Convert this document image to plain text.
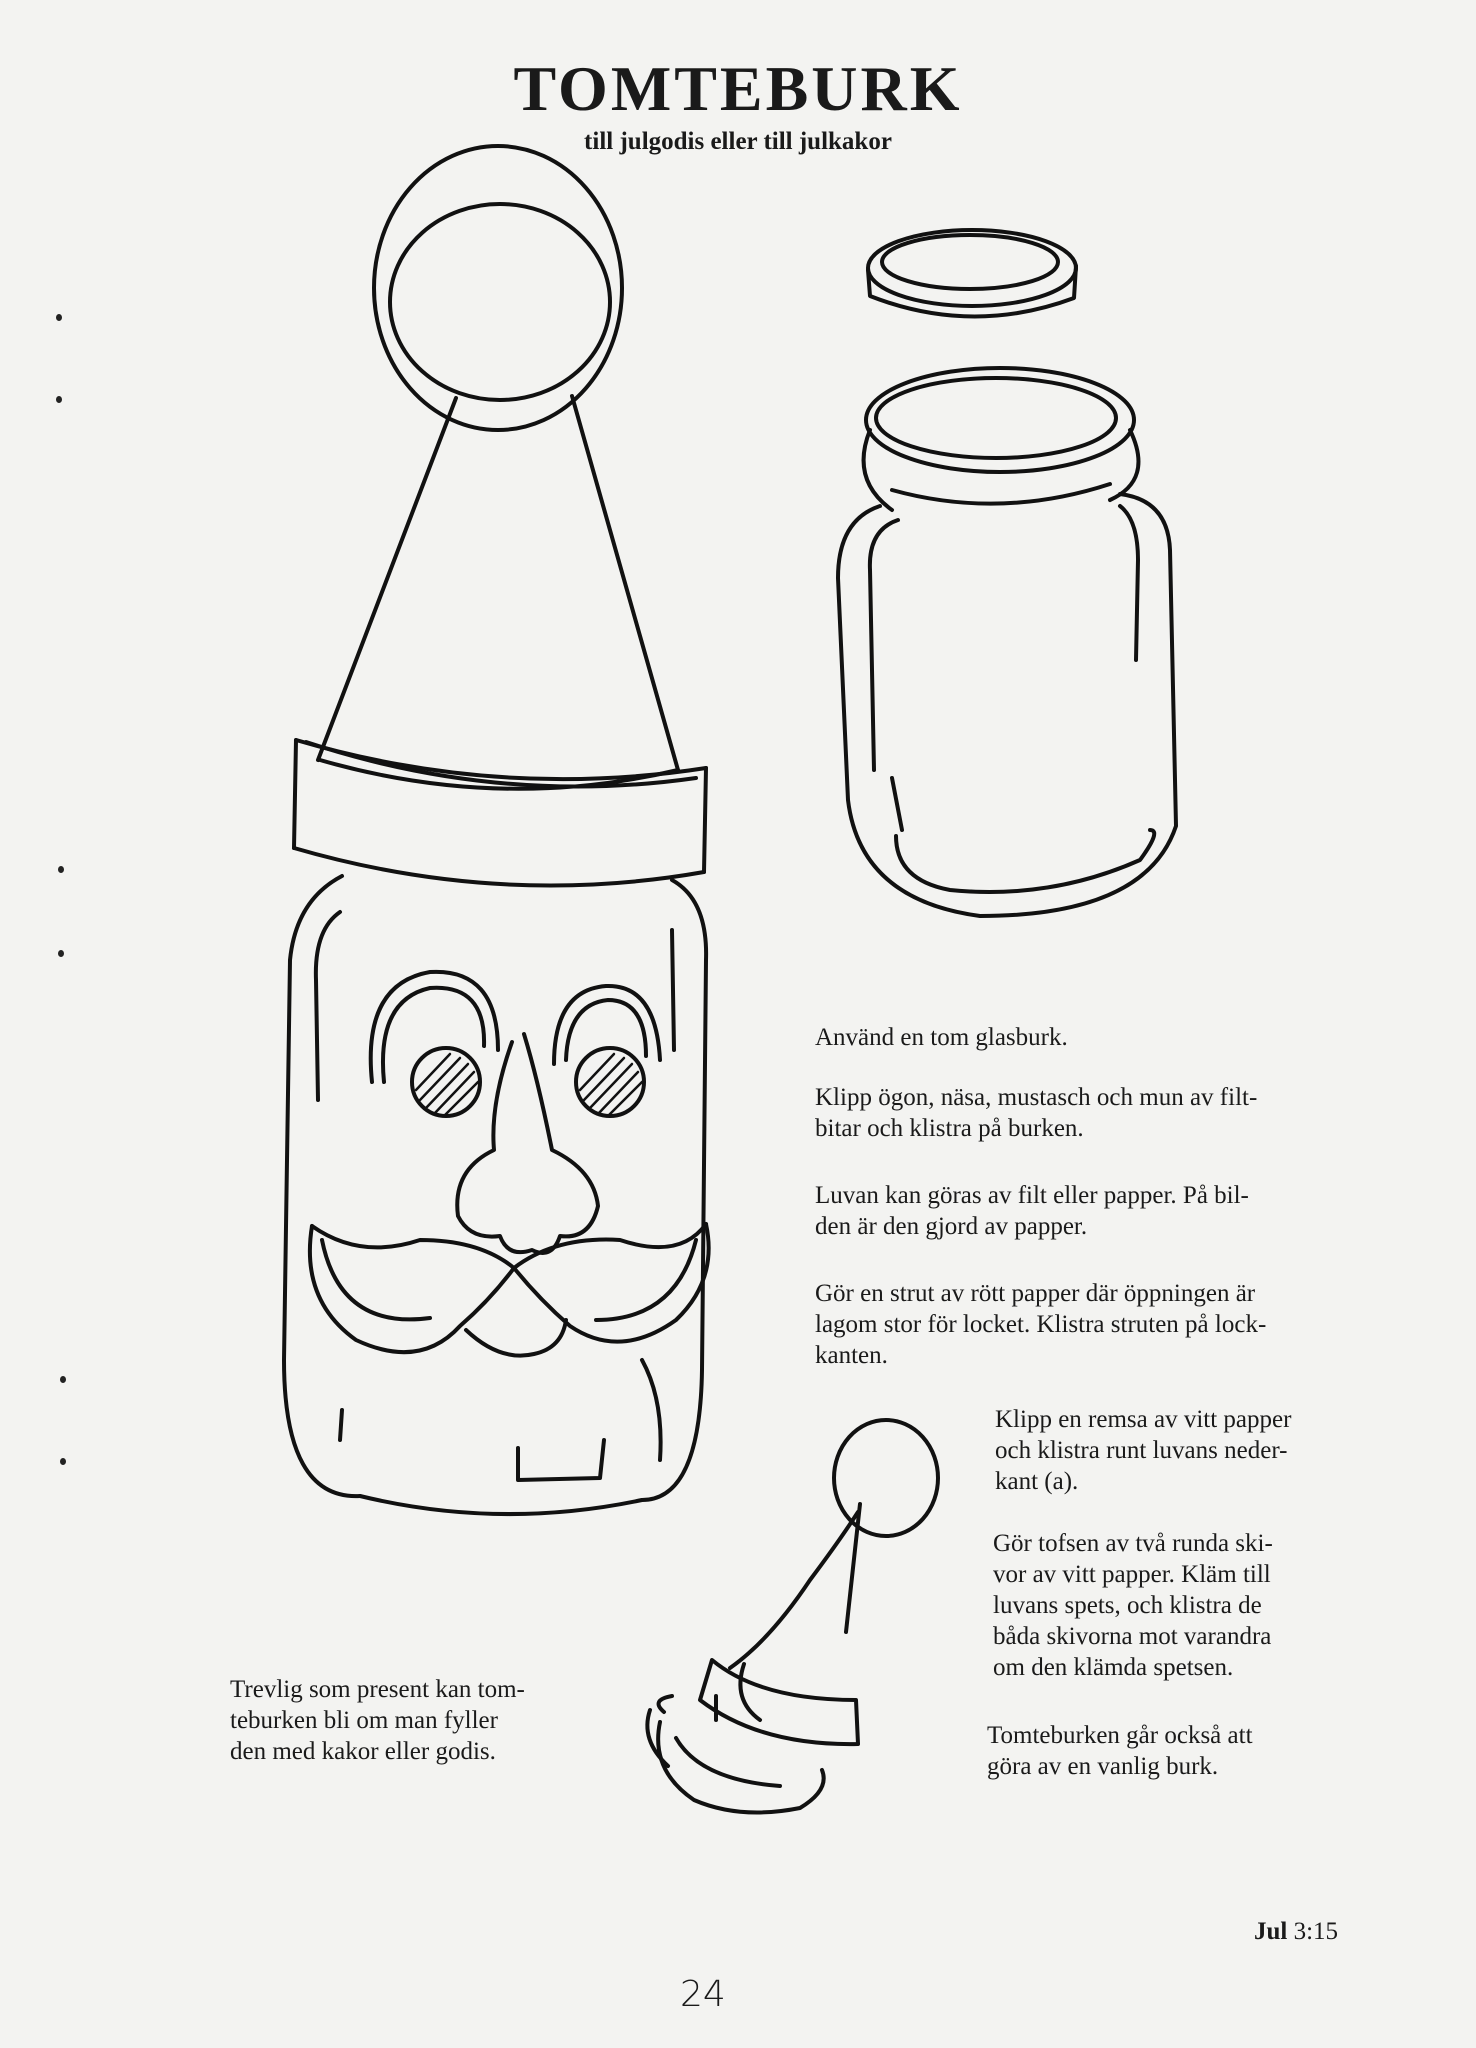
TOMTEBURK
till julgodis eller till julkakor
Använd en tom glasburk.
Klipp ögon, näsa, mustasch och mun av filt-
bitar och klistra på burken.
Luvan kan göras av filt eller papper. På bil-
den är den gjord av papper.
Gör en strut av rött papper där öppningen är
lagom stor för locket. Klistra struten på lock-
kanten.
Klipp en remsa av vitt papper
och klistra runt luvans neder-
kant (a).
Gör tofsen av två runda ski-
vor av vitt papper. Kläm till
luvans spets, och klistra de
båda skivorna mot varandra
om den klämda spetsen.
Tomteburken går också att
göra av en vanlig burk.
Trevlig som present kan tom-
teburken bli om man fyller
den med kakor eller godis.
Jul 3:15
24
